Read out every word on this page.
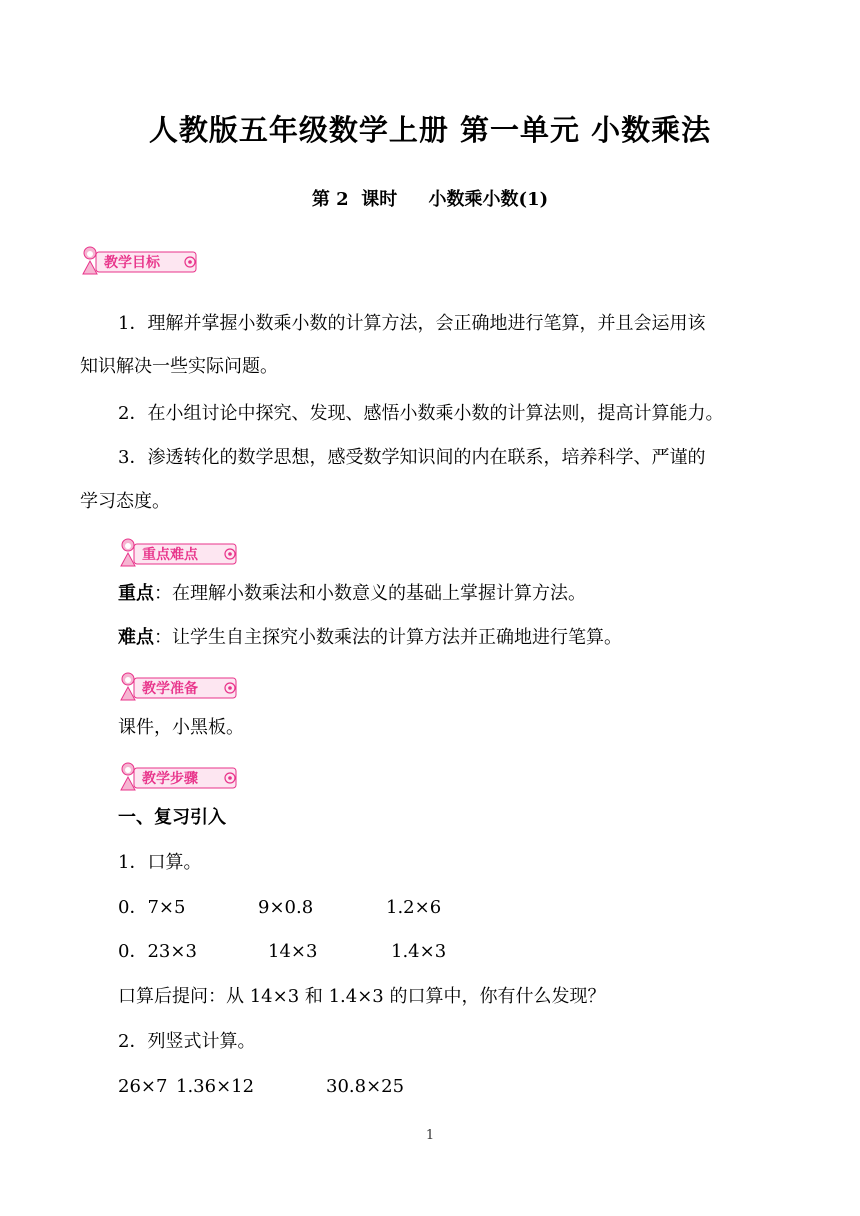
人教版五年级数学上册 第一单元 小数乘法
第 2  课时     小数乘小数(1)
教学目标
1．理解并掌握小数乘小数的计算方法，会正确地进行笔算，并且会运用该
知识解决一些实际问题。
2．在小组讨论中探究、发现、感悟小数乘小数的计算法则，提高计算能力。
3．渗透转化的数学思想，感受数学知识间的内在联系，培养科学、严谨的
学习态度。
重点难点
重点：在理解小数乘法和小数意义的基础上掌握计算方法。
难点：让学生自主探究小数乘法的计算方法并正确地进行笔算。
教学准备
课件，小黑板。
教学步骤
一、复习引入
1．口算。
0．7×5	9×0.8	1.2×6
0．23×3	14×3	1.4×3
口算后提问：从 14×3 和 1.4×3 的口算中，你有什么发现？
2．列竖式计算。
26×7 1.36×12	30.8×25
1
